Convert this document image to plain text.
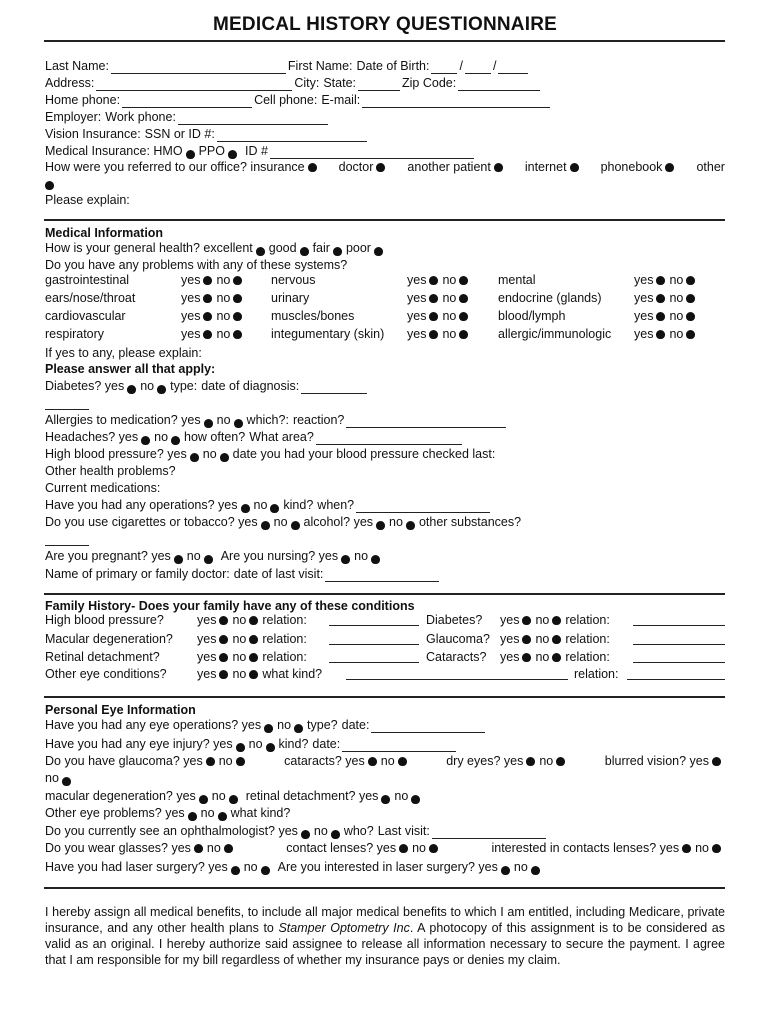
MEDICAL HISTORY QUESTIONNAIRE
Last Name:	First Name: Date of Birth: / /
Address:	City: State:	Zip Code:
Home phone:	Cell phone: E-mail:
Employer: Work phone:
Vision Insurance: SSN or ID #:
Medical Insurance: HMO PPO ID #
How were you referred to our office? insurance	doctor	another patient	internet	phonebook	other
Please explain:
Medical Information
How is your general health? excellent good fair poor
Do you have any problems with any of these systems?
gastrointestinal	yes no	nervous	yes no	mental	yes no
ears/nose/throat	yes no	urinary	yes no	endocrine (glands)	yes no
cardiovascular	yes no	muscles/bones	yes no	blood/lymph	yes no
respiratory	yes no	integumentary (skin) yes no	allergic/immunologic yes no
If yes to any, please explain:
Please answer all that apply:
Diabetes? yes no type: date of diagnosis:
Allergies to medication? yes no which?: reaction?
Headaches? yes no how often? What area?
High blood pressure? yes no date you had your blood pressure checked last:
Other health problems?
Current medications:
Have you had any operations? yes no kind? when?
Do you use cigarettes or tobacco? yes no alcohol? yes no other substances?
Are you pregnant? yes no Are you nursing? yes no
Name of primary or family doctor: date of last visit:
Family History- Does your family have any of these conditions
High blood pressure?	yes no relation:	Diabetes? yes no relation:
Macular degeneration? yes no relation:	Glaucoma? yes no relation:
Retinal detachment?	yes no relation:	Cataracts? yes no relation:
Other eye conditions? yes no what kind?	relation:
Personal Eye Information
Have you had any eye operations? yes no type? date:
Have you had any eye injury? yes no kind? date:
Do you have glaucoma? yes no	cataracts? yes no	dry eyes? yes no	blurred vision? yes
no
macular degeneration? yes no retinal detachment? yes no
Other eye problems? yes no what kind?
Do you currently see an ophthalmologist? yes no who? Last visit:
Do you wear glasses? yes no	contact lenses? yes no	interested in contacts lenses? yes no
Have you had laser surgery? yes no Are you interested in laser surgery? yes no
I hereby assign all medical benefits, to include all major medical benefits to which I am entitled, including Medicare, private insurance, and any other health plans to Stamper Optometry Inc. A photocopy of this assignment is to be considered as valid as an original. I hereby authorize said assignee to release all information necessary to secure the payment. I agree that I am responsible for my bill regardless of whether my insurance pays or denies my claim.
